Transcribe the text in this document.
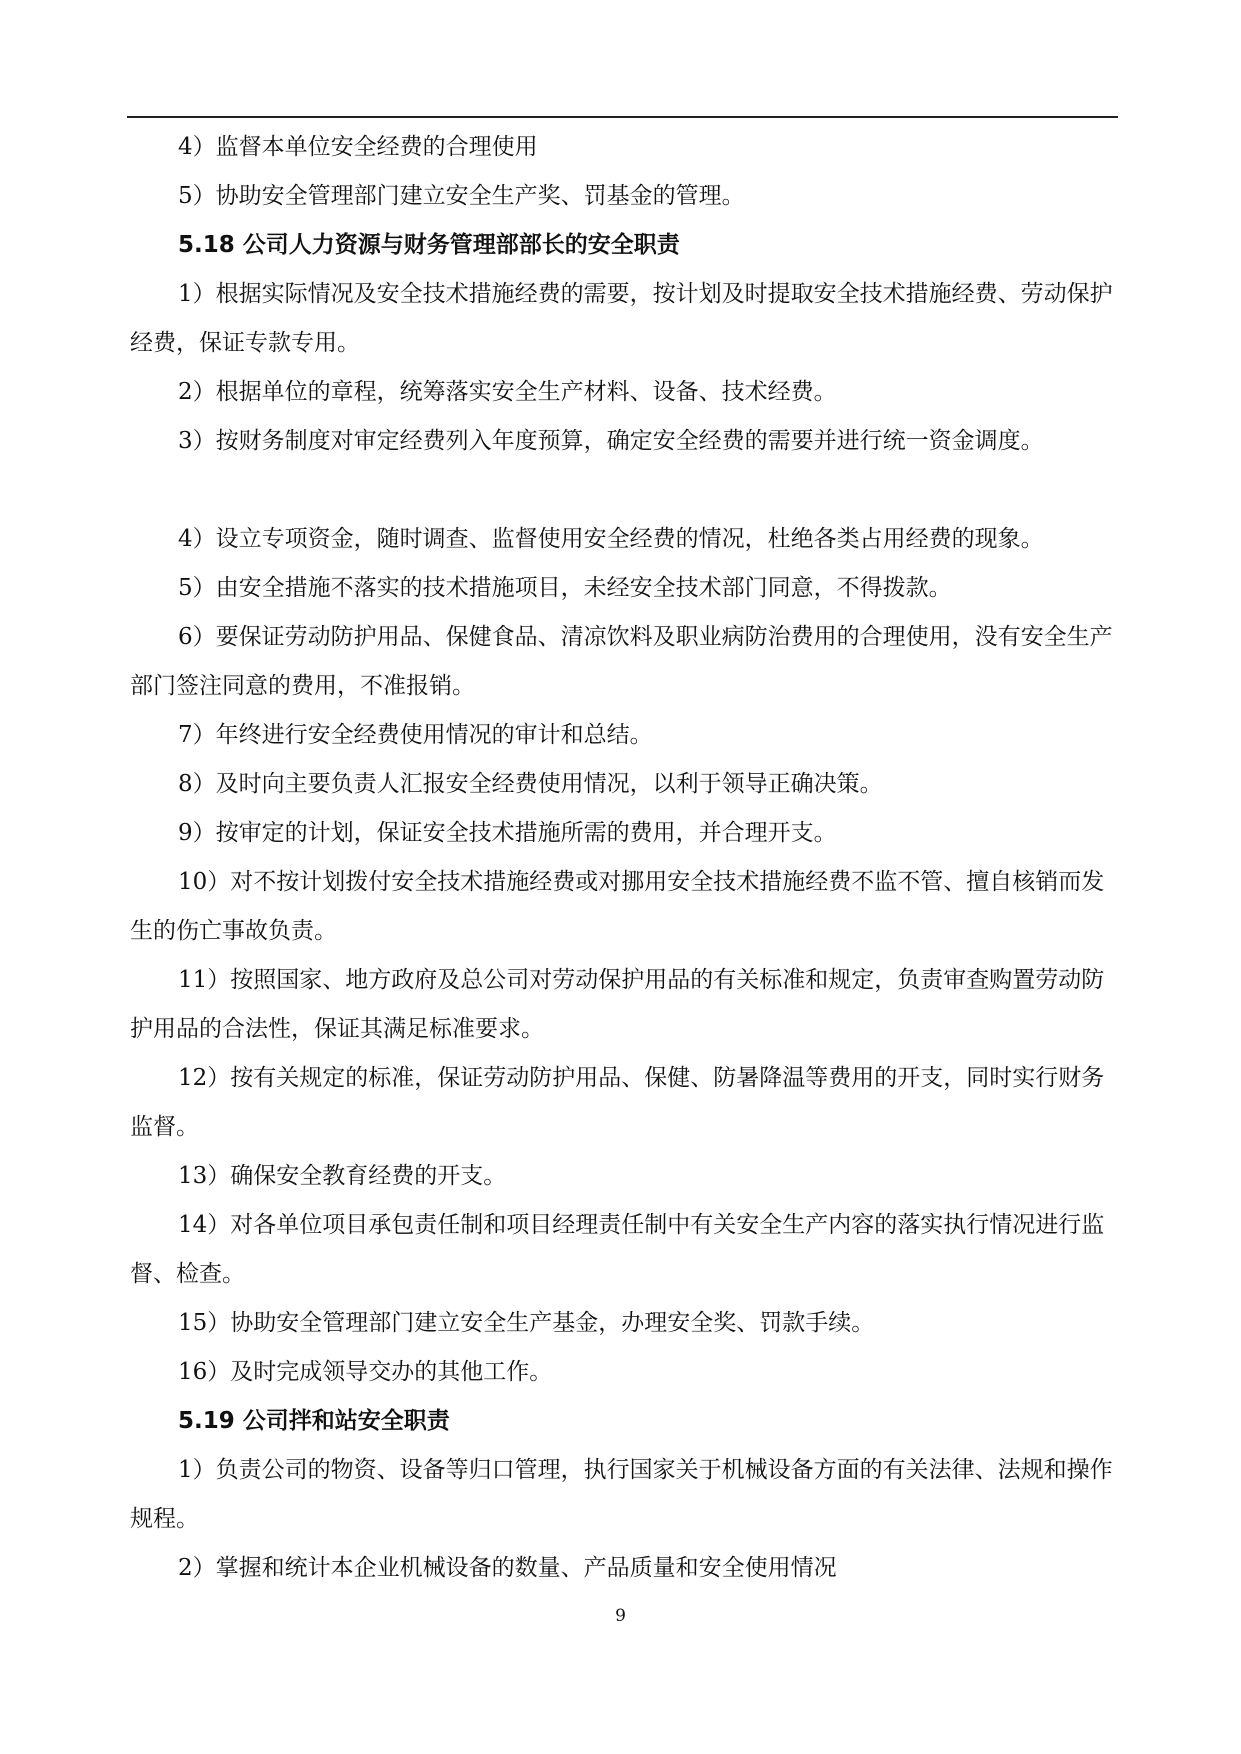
4）监督本单位安全经费的合理使用

5）协助安全管理部门建立安全生产奖、罚基金的管理。

5.18 公司人力资源与财务管理部部长的安全职责

1）根据实际情况及安全技术措施经费的需要，按计划及时提取安全技术措施经费、劳动保护经费，保证专款专用。

2）根据单位的章程，统筹落实安全生产材料、设备、技术经费。

3）按财务制度对审定经费列入年度预算，确定安全经费的需要并进行统一资金调度。

4）设立专项资金，随时调查、监督使用安全经费的情况，杜绝各类占用经费的现象。

5）由安全措施不落实的技术措施项目，未经安全技术部门同意，不得拨款。

6）要保证劳动防护用品、保健食品、清凉饮料及职业病防治费用的合理使用，没有安全生产部门签注同意的费用，不准报销。

7）年终进行安全经费使用情况的审计和总结。

8）及时向主要负责人汇报安全经费使用情况，以利于领导正确决策。

9）按审定的计划，保证安全技术措施所需的费用，并合理开支。

10）对不按计划拨付安全技术措施经费或对挪用安全技术措施经费不监不管、擅自核销而发生的伤亡事故负责。

11）按照国家、地方政府及总公司对劳动保护用品的有关标准和规定，负责审查购置劳动防护用品的合法性，保证其满足标准要求。

12）按有关规定的标准，保证劳动防护用品、保健、防暑降温等费用的开支，同时实行财务监督。

13）确保安全教育经费的开支。

14）对各单位项目承包责任制和项目经理责任制中有关安全生产内容的落实执行情况进行监督、检查。

15）协助安全管理部门建立安全生产基金，办理安全奖、罚款手续。

16）及时完成领导交办的其他工作。

5.19 公司拌和站安全职责

1）负责公司的物资、设备等归口管理，执行国家关于机械设备方面的有关法律、法规和操作规程。

2）掌握和统计本企业机械设备的数量、产品质量和安全使用情况

9
